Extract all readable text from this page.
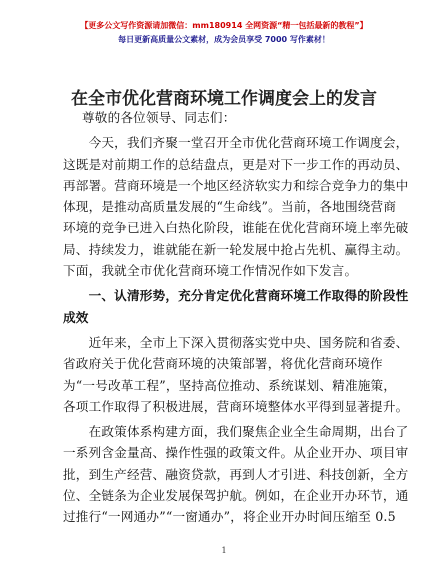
【更多公文写作资源请加微信：mm180914 全网资源“精一包括最新的教程”】
每日更新高质量公文素材，成为会员享受 7000 写作素材！
在全市优化营商环境工作调度会上的发言

尊敬的各位领导、同志们：

　　今天，我们齐聚一堂召开全市优化营商环境工作调度会，
这既是对前期工作的总结盘点，更是对下一步工作的再动员、
再部署。营商环境是一个地区经济软实力和综合竞争力的集中
体现，是推动高质量发展的“生命线”。当前，各地围绕营商
环境的竞争已进入白热化阶段，谁能在优化营商环境上率先破
局、持续发力，谁就能在新一轮发展中抢占先机、赢得主动。
下面，我就全市优化营商环境工作情况作如下发言。

　　一、认清形势，充分肯定优化营商环境工作取得的阶段性
成效

　　近年来，全市上下深入贯彻落实党中央、国务院和省委、
省政府关于优化营商环境的决策部署，将优化营商环境作
为“一号改革工程”，坚持高位推动、系统谋划、精准施策，
各项工作取得了积极进展，营商环境整体水平得到显著提升。

　　在政策体系构建方面，我们聚焦企业全生命周期，出台了
一系列含金量高、操作性强的政策文件。从企业开办、项目审
批，到生产经营、融资贷款，再到人才引进、科技创新，全方
位、全链条为企业发展保驾护航。例如，在企业开办环节，通
过推行“一网通办”“一窗通办”，将企业开办时间压缩至 0.5

1
